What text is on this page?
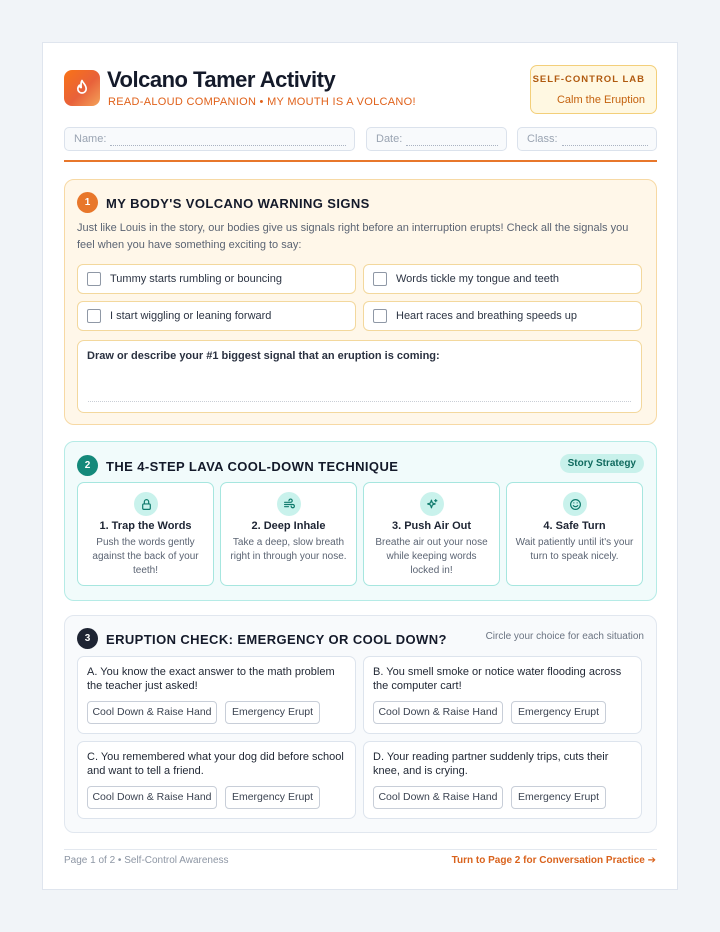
Volcano Tamer Activity
READ-ALOUD COMPANION • MY MOUTH IS A VOLCANO!
SELF-CONTROL LAB
Calm the Eruption
Name:	Date:	Class:
1	MY BODY'S VOLCANO WARNING SIGNS
Just like Louis in the story, our bodies give us signals right before an interruption erupts! Check all the signals you feel when you have something exciting to say:
Tummy starts rumbling or bouncing	Words tickle my tongue and teeth
I start wiggling or leaning forward	Heart races and breathing speeds up
Draw or describe your #1 biggest signal that an eruption is coming:
2	THE 4-STEP LAVA COOL-DOWN TECHNIQUE	Story Strategy
1. Trap the Words
Push the words gently against the back of your teeth!
2. Deep Inhale
Take a deep, slow breath right in through your nose.
3. Push Air Out
Breathe air out your nose while keeping words locked in!
4. Safe Turn
Wait patiently until it's your turn to speak nicely.
3	ERUPTION CHECK: EMERGENCY OR COOL DOWN?	Circle your choice for each situation
A. You know the exact answer to the math problem the teacher just asked!
Cool Down & Raise Hand	Emergency Erupt
B. You smell smoke or notice water flooding across the computer cart!
Cool Down & Raise Hand	Emergency Erupt
C. You remembered what your dog did before school and want to tell a friend.
Cool Down & Raise Hand	Emergency Erupt
D. Your reading partner suddenly trips, cuts their knee, and is crying.
Cool Down & Raise Hand	Emergency Erupt
Page 1 of 2 • Self-Control Awareness	Turn to Page 2 for Conversation Practice ➔
